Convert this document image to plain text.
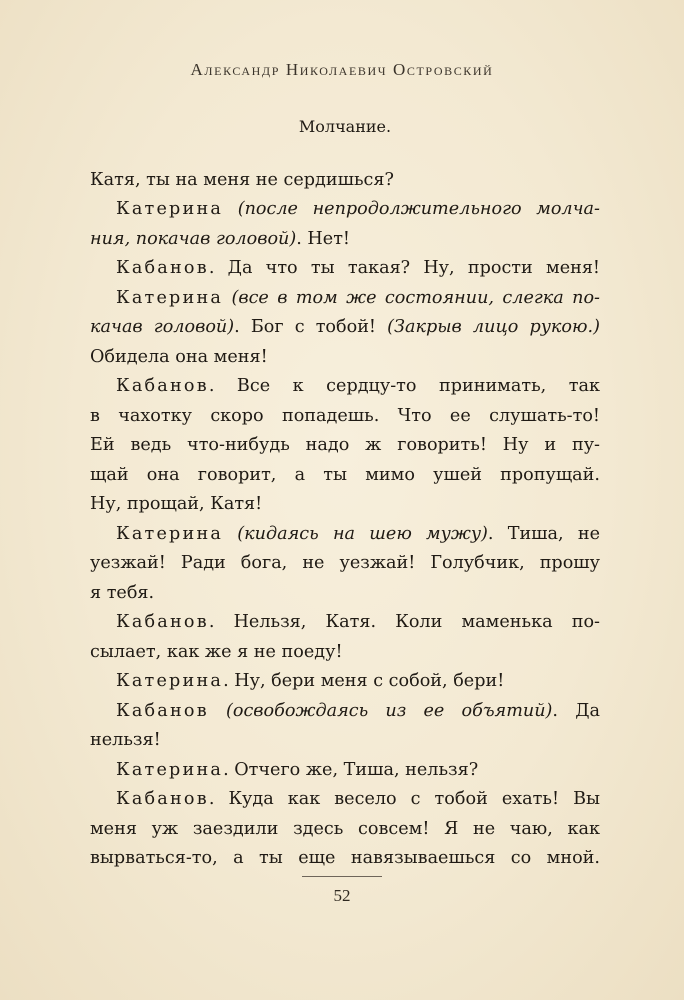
Александр Николаевич Островский
Молчание.
Катя, ты на меня не сердишься?
Катерина (после непродолжительного молча-
ния, покачав головой). Нет!
Кабанов. Да что ты такая? Ну, прости меня!
Катерина (все в том же состоянии, слегка по-
качав головой). Бог с тобой! (Закрыв лицо рукою.)
Обидела она меня!
Кабанов. Все к сердцу-то принимать, так
в чахотку скоро попадешь. Что ее слушать-то!
Ей ведь что-нибудь надо ж говорить! Ну и пу-
щай она говорит, а ты мимо ушей пропущай.
Ну, прощай, Катя!
Катерина (кидаясь на шею мужу). Тиша, не
уезжай! Ради бога, не уезжай! Голубчик, прошу
я тебя.
Кабанов. Нельзя, Катя. Коли маменька по-
сылает, как же я не поеду!
Катерина. Ну, бери меня с собой, бери!
Кабанов (освобождаясь из ее объятий). Да
нельзя!
Катерина. Отчего же, Тиша, нельзя?
Кабанов. Куда как весело с тобой ехать! Вы
меня уж заездили здесь совсем! Я не чаю, как
вырваться-то, а ты еще навязываешься со мной.
52
